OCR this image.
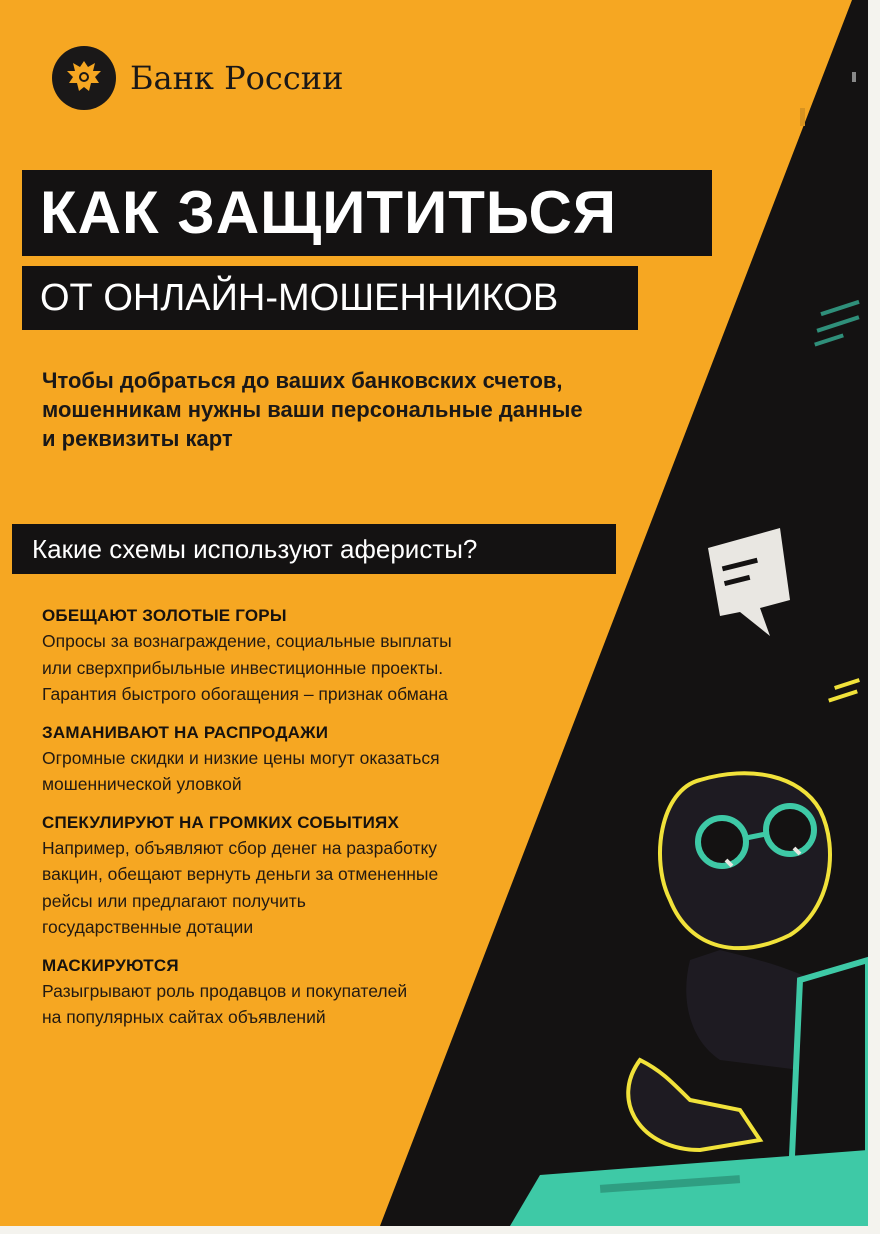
Банк России
КАК ЗАЩИТИТЬСЯ
ОТ ОНЛАЙН-МОШЕННИКОВ
Чтобы добраться до ваших банковских счетов,
мошенникам нужны ваши персональные данные
и реквизиты карт
Какие схемы используют аферисты?
ОБЕЩАЮТ ЗОЛОТЫЕ ГОРЫ
Опросы за вознаграждение, социальные выплаты
или сверхприбыльные инвестиционные проекты.
Гарантия быстрого обогащения – признак обмана
ЗАМАНИВАЮТ НА РАСПРОДАЖИ
Огромные скидки и низкие цены могут оказаться
мошеннической уловкой
СПЕКУЛИРУЮТ НА ГРОМКИХ СОБЫТИЯХ
Например, объявляют сбор денег на разработку
вакцин, обещают вернуть деньги за отмененные
рейсы или предлагают получить
государственные дотации
МАСКИРУЮТСЯ
Разыгрывают роль продавцов и покупателей
на популярных сайтах объявлений
